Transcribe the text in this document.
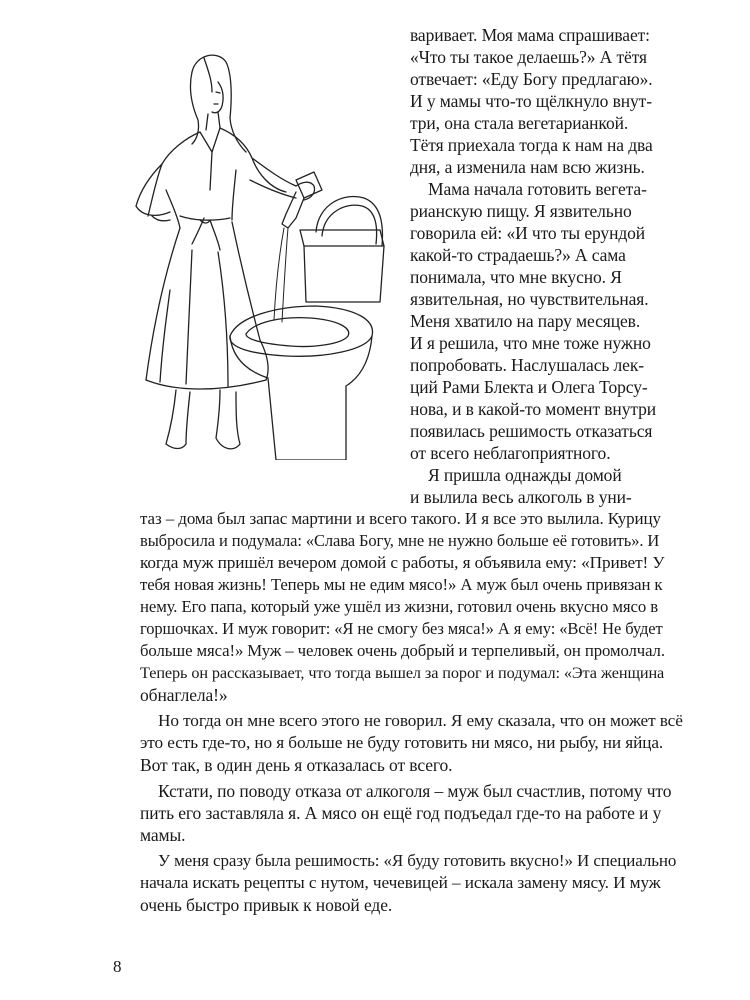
варивает. Моя мама спрашивает:
«Что ты такое делаешь?» А тётя
отвечает: «Еду Богу предлагаю».
И у мамы что-то щёлкнуло внут-
три, она стала вегетарианкой.
Тётя приехала тогда к нам на два
дня, а изменила нам всю жизнь.
Мама начала готовить вегета-
рианскую пищу. Я язвительно
говорила ей: «И что ты ерундой
какой-то страдаешь?» А сама
понимала, что мне вкусно. Я
язвительная, но чувствительная.
Меня хватило на пару месяцев.
И я решила, что мне тоже нужно
попробовать. Наслушалась лек-
ций Рами Блекта и Олега Торсу-
нова, и в какой-то момент внутри
появилась решимость отказаться
от всего неблагоприятного.
Я пришла однажды домой
и вылила весь алкоголь в уни-
таз – дома был запас мартини и всего такого. И я все это вылила. Курицу
выбросила и подумала: «Слава Богу, мне не нужно больше её готовить». И
когда муж пришёл вечером домой с работы, я объявила ему: «Привет! У
тебя новая жизнь! Теперь мы не едим мясо!» А муж был очень привязан к
нему. Его папа, который уже ушёл из жизни, готовил очень вкусно мясо в
горшочках. И муж говорит: «Я не смогу без мяса!» А я ему: «Всё! Не будет
больше мяса!» Муж – человек очень добрый и терпеливый, он промолчал.
Теперь он рассказывает, что тогда вышел за порог и подумал: «Эта женщина
обнаглела!»
Но тогда он мне всего этого не говорил. Я ему сказала, что он может всё
это есть где-то, но я больше не буду готовить ни мясо, ни рыбу, ни яйца.
Вот так, в один день я отказалась от всего.
Кстати, по поводу отказа от алкоголя – муж был счастлив, потому что
пить его заставляла я. А мясо он ещё год подъедал где-то на работе и у
мамы.
У меня сразу была решимость: «Я буду готовить вкусно!» И специально
начала искать рецепты с нутом, чечевицей – искала замену мясу. И муж
очень быстро привык к новой еде.
8
